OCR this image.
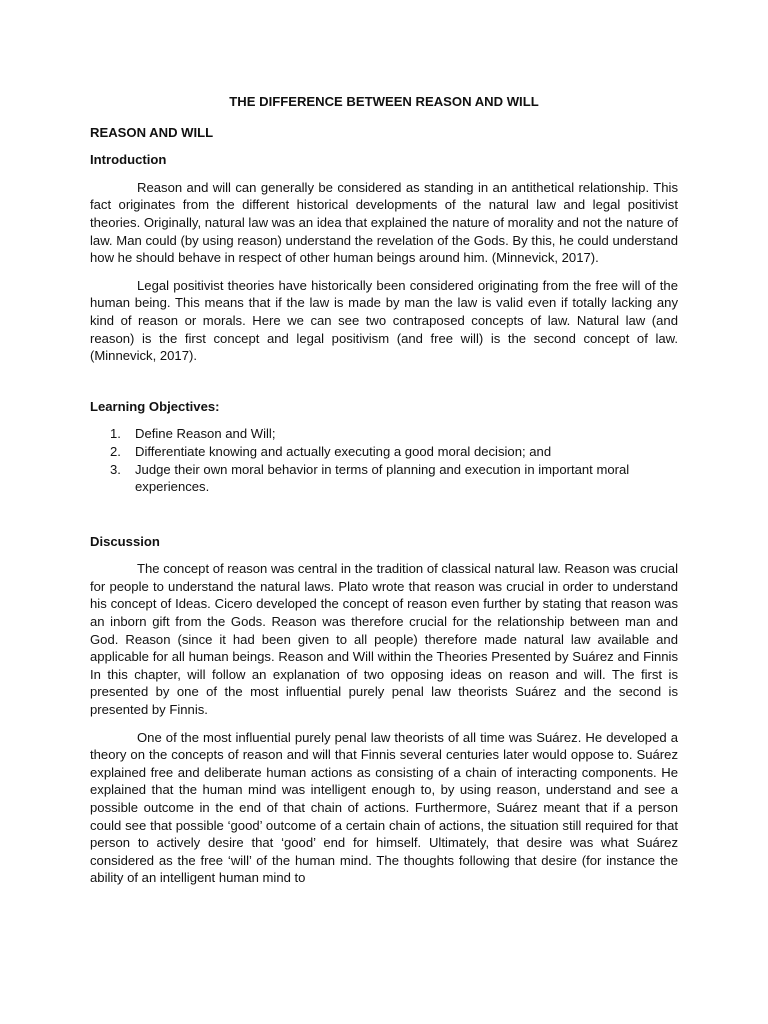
THE DIFFERENCE BETWEEN REASON AND WILL
REASON AND WILL
Introduction

Reason and will can generally be considered as standing in an antithetical relationship. This fact originates from the different historical developments of the natural law and legal positivist theories. Originally, natural law was an idea that explained the nature of morality and not the nature of law. Man could (by using reason) understand the revelation of the Gods. By this, he could understand how he should behave in respect of other human beings around him. (Minnevick, 2017).

Legal positivist theories have historically been considered originating from the free will of the human being. This means that if the law is made by man the law is valid even if totally lacking any kind of reason or morals. Here we can see two contraposed concepts of law. Natural law (and reason) is the first concept and legal positivism (and free will) is the second concept of law.(Minnevick, 2017).

Learning Objectives:
1. Define Reason and Will;
2. Differentiate knowing and actually executing a good moral decision; and
3. Judge their own moral behavior in terms of planning and execution in important moral experiences.
Discussion

The concept of reason was central in the tradition of classical natural law. Reason was crucial for people to understand the natural laws. Plato wrote that reason was crucial in order to understand his concept of Ideas. Cicero developed the concept of reason even further by stating that reason was an inborn gift from the Gods. Reason was therefore crucial for the relationship between man and God. Reason (since it had been given to all people) therefore made natural law available and applicable for all human beings. Reason and Will within the Theories Presented by Suárez and Finnis In this chapter, will follow an explanation of two opposing ideas on reason and will. The first is presented by one of the most influential purely penal law theorists Suárez and the second is presented by Finnis.

One of the most influential purely penal law theorists of all time was Suárez. He developed a theory on the concepts of reason and will that Finnis several centuries later would oppose to. Suárez explained free and deliberate human actions as consisting of a chain of interacting components. He explained that the human mind was intelligent enough to, by using reason, understand and see a possible outcome in the end of that chain of actions. Furthermore, Suárez meant that if a person could see that possible ‘good’ outcome of a certain chain of actions, the situation still required for that person to actively desire that ‘good’ end for himself. Ultimately, that desire was what Suárez considered as the free ‘will’ of the human mind. The thoughts following that desire (for instance the ability of an intelligent human mind to
